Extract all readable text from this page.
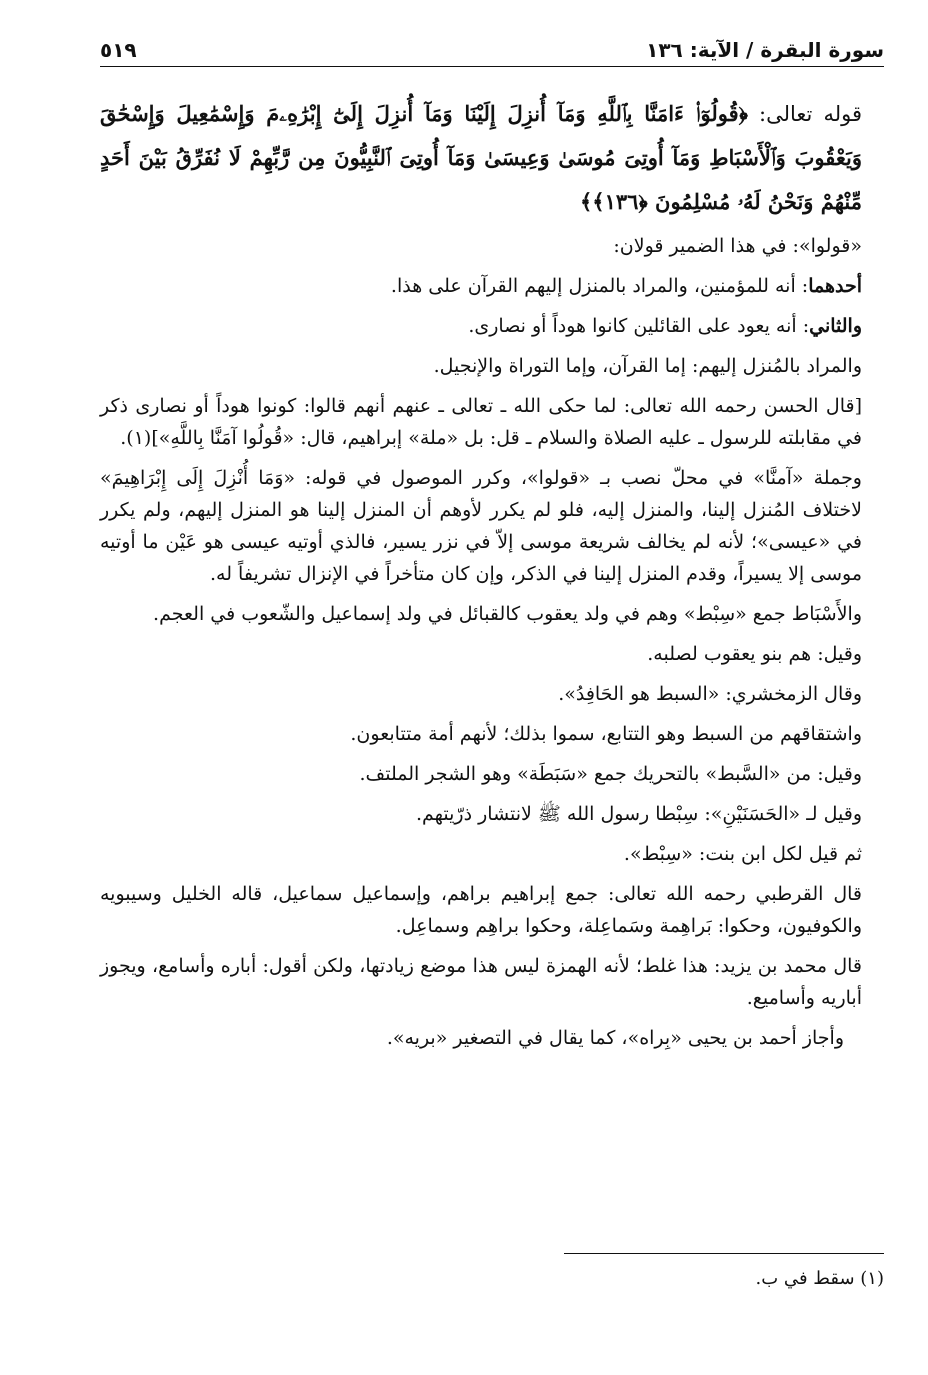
سورة البقرة / الآية: ١٣٦
٥١٩

قوله تعالى: ﴿قُولُوٓا۟ ءَامَنَّا بِٱللَّهِ وَمَآ أُنزِلَ إِلَيْنَا وَمَآ أُنزِلَ إِلَىٰٓ إِبْرَٰهِۦمَ وَإِسْمَٰعِيلَ وَإِسْحَٰقَ وَيَعْقُوبَ وَٱلْأَسْبَاطِ وَمَآ أُوتِىَ مُوسَىٰ وَعِيسَىٰ وَمَآ أُوتِىَ ٱلنَّبِيُّونَ مِن رَّبِّهِمْ لَا نُفَرِّقُ بَيْنَ أَحَدٍ مِّنْهُمْ وَنَحْنُ لَهُۥ مُسْلِمُونَ ﴿١٣٦﴾﴾

«قولوا»: في هذا الضمير قولان:

أحدهما: أنه للمؤمنين، والمراد بالمنزل إليهم القرآن على هذا.

والثاني: أنه يعود على القائلين كانوا هوداً أو نصارى.

والمراد بالمُنزل إليهم: إما القرآن، وإما التوراة والإنجيل.

[قال الحسن رحمه الله تعالى: لما حكى الله ـ تعالى ـ عنهم أنهم قالوا: كونوا هوداً أو نصارى ذكر في مقابلته للرسول ـ عليه الصلاة والسلام ـ قل: بل «ملة» إبراهيم، قال: «قُولُوا آمَنَّا بِاللَّهِ»](١).

وجملة «آمنَّا» في محلّ نصب بـ «قولوا»، وكرر الموصول في قوله: «وَمَا أُنْزِلَ إِلَى إِبْرَاهِيمَ» لاختلاف المُنزل إلينا، والمنزل إليه، فلو لم يكرر لأوهم أن المنزل إلينا هو المنزل إليهم، ولم يكرر في «عيسى»؛ لأنه لم يخالف شريعة موسى إلاّ في نزر يسير، فالذي أوتيه عيسى هو عَيْن ما أوتيه موسى إلا يسيراً، وقدم المنزل إلينا في الذكر، وإن كان متأخراً في الإنزال تشريفاً له.

والأَسْبَاط جمع «سِبْط» وهم في ولد يعقوب كالقبائل في ولد إسماعيل والشّعوب في العجم.

وقيل: هم بنو يعقوب لصلبه.

وقال الزمخشري: «السبط هو الحَافِدُ».

واشتقاقهم من السبط وهو التتابع، سموا بذلك؛ لأنهم أمة متتابعون.

وقيل: من «السَّبط» بالتحريك جمع «سَبَطَة» وهو الشجر الملتف.

وقيل لـ «الحَسَنَيْنِ»: سِبْطا رسول الله ﷺ لانتشار ذرّيتهم.

ثم قيل لكل ابن بنت: «سِبْط».

قال القرطبي رحمه الله تعالى: جمع إبراهيم براهم، وإسماعيل سماعيل، قاله الخليل وسيبويه والكوفيون، وحكوا: بَراهِمة وسَماعِلة، وحكوا براهِم وسماعِل.

قال محمد بن يزيد: هذا غلط؛ لأنه الهمزة ليس هذا موضع زيادتها، ولكن أقول: أباره وأسامع، ويجوز أباريه وأساميع.

وأجاز أحمد بن يحيى «بِراه»، كما يقال في التصغير «بريه».

(١) سقط في ب.
